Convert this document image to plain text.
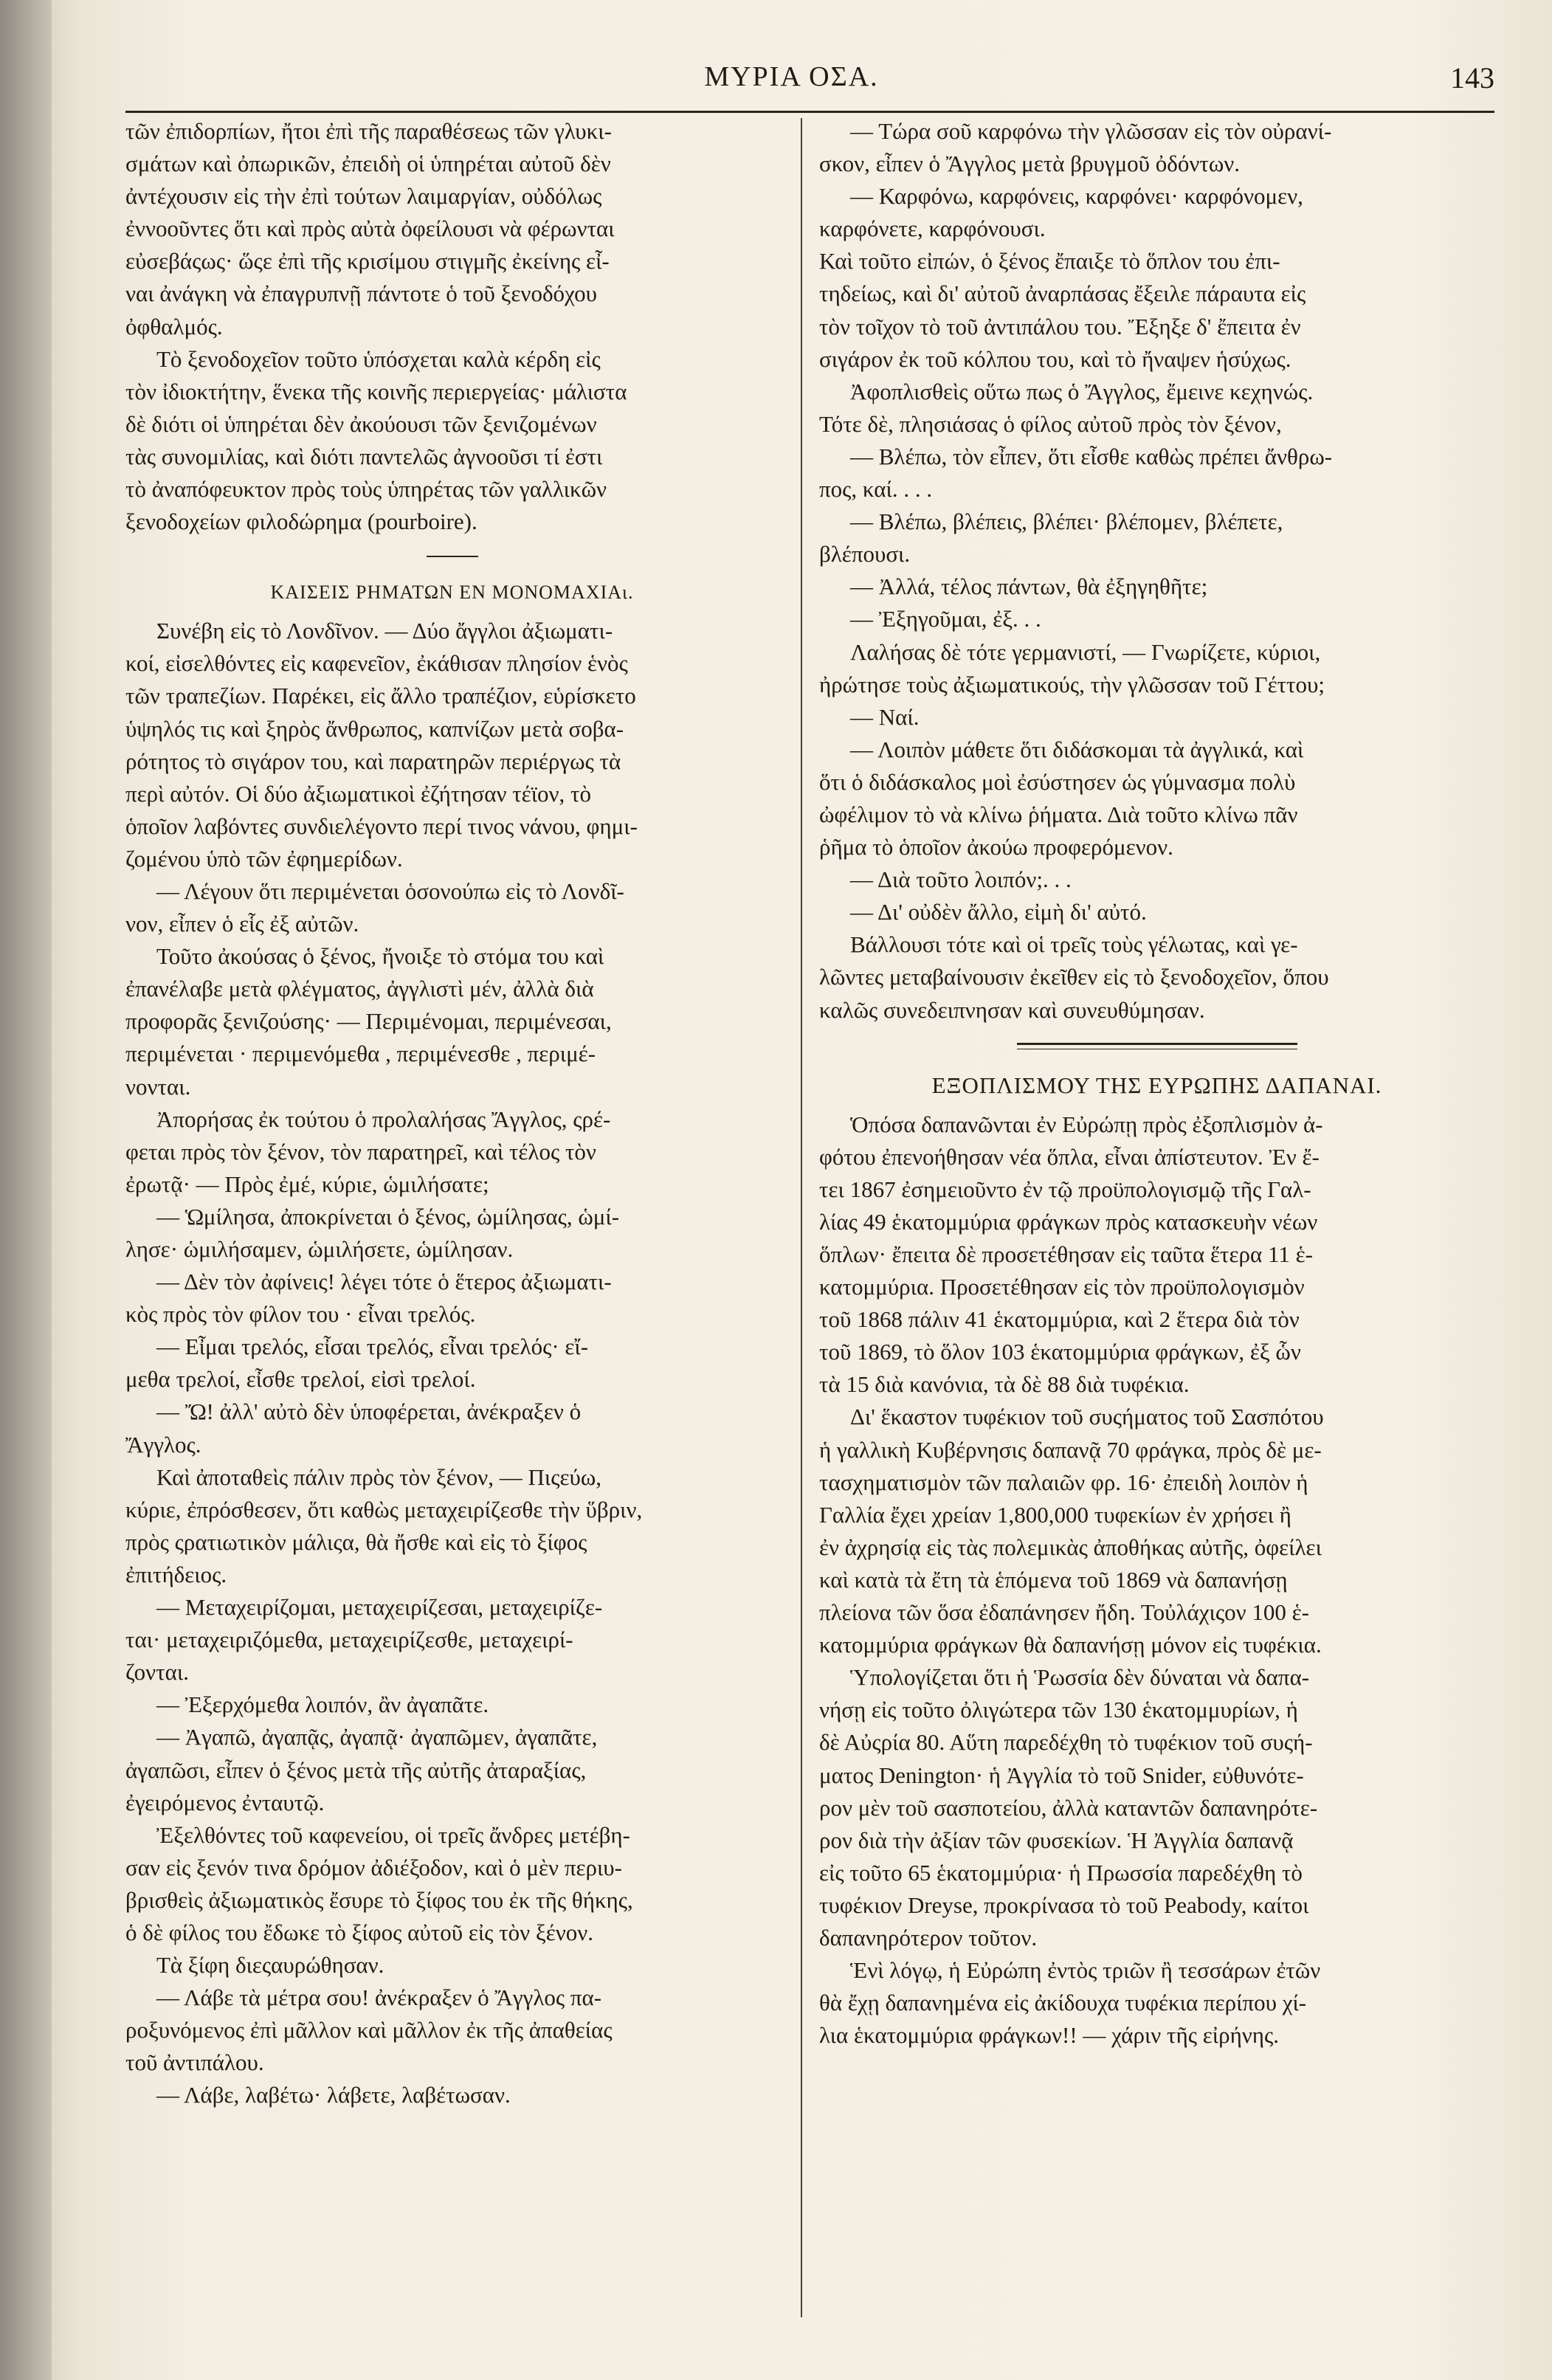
ΜΥΡΙΑ ΟΣΑ.	143
τῶν ἐπιδορπίων, ἤτοι ἐπὶ τῆς παραθέσεως τῶν γλυκι-
σμάτων καὶ ὀπωρικῶν, ἐπειδὴ οἱ ὑπηρέται αὐτοῦ δὲν
ἀντέχουσιν εἰς τὴν ἐπὶ τούτων λαιμαργίαν, οὐδόλως
ἐννοοῦντες ὅτι καὶ πρὸς αὐτὰ ὀφείλουσι νὰ φέρωνται
εὐσεβάςως· ὥςε ἐπὶ τῆς κρισίμου στιγμῆς ἐκείνης εἶ-
ναι ἀνάγκη νὰ ἐπαγρυπνῇ πάντοτε ὁ τοῦ ξενοδόχου
ὀφθαλμός.
Τὸ ξενοδοχεῖον τοῦτο ὑπόσχεται καλὰ κέρδη εἰς
τὸν ἰδιοκτήτην, ἕνεκα τῆς κοινῆς περιεργείας· μάλιστα
δὲ διότι οἱ ὑπηρέται δὲν ἀκούουσι τῶν ξενιζομένων
τὰς συνομιλίας, καὶ διότι παντελῶς ἀγνοοῦσι τί ἐστι
τὸ ἀναπόφευκτον πρὸς τοὺς ὑπηρέτας τῶν γαλλικῶν
ξενοδοχείων φιλοδώρημα (pourboire).
ΚΑΙΣΕΙΣ ΡΗΜΑΤΩΝ ΕΝ ΜΟΝΟΜΑΧΙΑι.
Συνέβη εἰς τὸ Λονδῖνον. — Δύο ἄγγλοι ἀξιωματι-
κοί, εἰσελθόντες εἰς καφενεῖον, ἐκάθισαν πλησίον ἑνὸς
τῶν τραπεζίων. Παρέκει, εἰς ἄλλο τραπέζιον, εὑρίσκετο
ὑψηλός τις καὶ ξηρὸς ἄνθρωπος, καπνίζων μετὰ σοβα-
ρότητος τὸ σιγάρον του, καὶ παρατηρῶν περιέργως τὰ
περὶ αὐτόν. Οἱ δύο ἀξιωματικοὶ ἐζήτησαν τέϊον, τὸ
ὁποῖον λαβόντες συνδιελέγοντο περί τινος νάνου, φημι-
ζομένου ὑπὸ τῶν ἐφημερίδων.
— Λέγουν ὅτι περιμένεται ὁσονούπω εἰς τὸ Λονδῖ-
νον, εἶπεν ὁ εἷς ἐξ αὐτῶν.
Τοῦτο ἀκούσας ὁ ξένος, ἤνοιξε τὸ στόμα του καὶ
ἐπανέλαβε μετὰ φλέγματος, ἀγγλιστὶ μέν, ἀλλὰ διὰ
προφορᾶς ξενιζούσης· — Περιμένομαι, περιμένεσαι,
περιμένεται · περιμενόμεθα , περιμένεσθε , περιμέ-
νονται.
Ἀπορήσας ἐκ τούτου ὁ προλαλήσας Ἄγγλος, ςρέ-
φεται πρὸς τὸν ξένον, τὸν παρατηρεῖ, καὶ τέλος τὸν
ἐρωτᾷ· — Πρὸς ἐμέ, κύριε, ὡμιλήσατε;
— Ὡμίλησα, ἀποκρίνεται ὁ ξένος, ὡμίλησας, ὡμί-
λησε· ὡμιλήσαμεν, ὡμιλήσετε, ὡμίλησαν.
— Δὲν τὸν ἀφίνεις! λέγει τότε ὁ ἕτερος ἀξιωματι-
κὸς πρὸς τὸν φίλον του · εἶναι τρελός.
— Εἶμαι τρελός, εἶσαι τρελός, εἶναι τρελός· εἴ-
μεθα τρελοί, εἶσθε τρελοί, εἰσὶ τρελοί.
— Ὤ! ἀλλ' αὐτὸ δὲν ὑποφέρεται, ἀνέκραξεν ὁ
Ἄγγλος.
Καὶ ἀποταθεὶς πάλιν πρὸς τὸν ξένον, — Πιςεύω,
κύριε, ἐπρόσθεσεν, ὅτι καθὼς μεταχειρίζεσθε τὴν ὕβριν,
πρὸς ςρατιωτικὸν μάλιςα, θὰ ἤσθε καὶ εἰς τὸ ξίφος
ἐπιτήδειος.
— Μεταχειρίζομαι, μεταχειρίζεσαι, μεταχειρίζε-
ται· μεταχειριζόμεθα, μεταχειρίζεσθε, μεταχειρί-
ζονται.
— Ἐξερχόμεθα λοιπόν, ἂν ἀγαπᾶτε.
— Ἀγαπῶ, ἀγαπᾷς, ἀγαπᾷ· ἀγαπῶμεν, ἀγαπᾶτε,
ἀγαπῶσι, εἶπεν ὁ ξένος μετὰ τῆς αὐτῆς ἀταραξίας,
ἐγειρόμενος ἐνταυτῷ.
Ἐξελθόντες τοῦ καφενείου, οἱ τρεῖς ἄνδρες μετέβη-
σαν εἰς ξενόν τινα δρόμον ἀδιέξοδον, καὶ ὁ μὲν περιυ-
βρισθεὶς ἀξιωματικὸς ἔσυρε τὸ ξίφος του ἐκ τῆς θήκης,
ὁ δὲ φίλος του ἔδωκε τὸ ξίφος αὐτοῦ εἰς τὸν ξένον.
Τὰ ξίφη διεςαυρώθησαν.
— Λάβε τὰ μέτρα σου! ἀνέκραξεν ὁ Ἄγγλος πα-
ροξυνόμενος ἐπὶ μᾶλλον καὶ μᾶλλον ἐκ τῆς ἀπαθείας
τοῦ ἀντιπάλου.
— Λάβε, λαβέτω· λάβετε, λαβέτωσαν.
— Τώρα σοῦ καρφόνω τὴν γλῶσσαν εἰς τὸν οὐρανί-
σκον, εἶπεν ὁ Ἄγγλος μετὰ βρυγμοῦ ὀδόντων.
— Καρφόνω, καρφόνεις, καρφόνει· καρφόνομεν,
καρφόνετε, καρφόνουσι.
Καὶ τοῦτο εἰπών, ὁ ξένος ἔπαιξε τὸ ὅπλον του ἐπι-
τηδείως, καὶ δι' αὐτοῦ ἀναρπάσας ἔξειλε πάραυτα εἰς
τὸν τοῖχον τὸ τοῦ ἀντιπάλου του. Ἔξηξε δ' ἔπειτα ἐν
σιγάρον ἐκ τοῦ κόλπου του, καὶ τὸ ἤναψεν ἡσύχως.
Ἀφοπλισθεὶς οὕτω πως ὁ Ἄγγλος, ἔμεινε κεχηνώς.
Τότε δὲ, πλησιάσας ὁ φίλος αὐτοῦ πρὸς τὸν ξένον,
— Βλέπω, τὸν εἶπεν, ὅτι εἶσθε καθὼς πρέπει ἄνθρω-
πος, καί. . . .
— Βλέπω, βλέπεις, βλέπει· βλέπομεν, βλέπετε,
βλέπουσι.
— Ἀλλά, τέλος πάντων, θὰ ἐξηγηθῆτε;
— Ἐξηγοῦμαι, ἐξ. . .
Λαλήσας δὲ τότε γερμανιστί, — Γνωρίζετε, κύριοι,
ἠρώτησε τοὺς ἀξιωματικούς, τὴν γλῶσσαν τοῦ Γέττου;
— Ναί.
— Λοιπὸν μάθετε ὅτι διδάσκομαι τὰ ἀγγλικά, καὶ
ὅτι ὁ διδάσκαλος μοὶ ἐσύστησεν ὡς γύμνασμα πολὺ
ὠφέλιμον τὸ νὰ κλίνω ῥήματα. Διὰ τοῦτο κλίνω πᾶν
ῥῆμα τὸ ὁποῖον ἀκούω προφερόμενον.
— Διὰ τοῦτο λοιπόν;. . .
— Δι' οὐδὲν ἄλλο, εἰμὴ δι' αὐτό.
Βάλλουσι τότε καὶ οἱ τρεῖς τοὺς γέλωτας, καὶ γε-
λῶντες μεταβαίνουσιν ἐκεῖθεν εἰς τὸ ξενοδοχεῖον, ὅπου
καλῶς συνεδειπνησαν καὶ συνευθύμησαν.
ΕΞΟΠΛΙΣΜΟΥ ΤΗΣ ΕΥΡΩΠΗΣ ΔΑΠΑΝΑΙ.
Ὁπόσα δαπανῶνται ἐν Εὐρώπῃ πρὸς ἐξοπλισμὸν ἀ-
φότου ἐπενοήθησαν νέα ὅπλα, εἶναι ἀπίστευτον. Ἐν ἔ-
τει 1867 ἐσημειοῦντο ἐν τῷ προϋπολογισμῷ τῆς Γαλ-
λίας 49 ἑκατομμύρια φράγκων πρὸς κατασκευὴν νέων
ὅπλων· ἔπειτα δὲ προσετέθησαν εἰς ταῦτα ἕτερα 11 ἑ-
κατομμύρια. Προσετέθησαν εἰς τὸν προϋπολογισμὸν
τοῦ 1868 πάλιν 41 ἑκατομμύρια, καὶ 2 ἕτερα διὰ τὸν
τοῦ 1869, τὸ ὅλον 103 ἑκατομμύρια φράγκων, ἐξ ὧν
τὰ 15 διὰ κανόνια, τὰ δὲ 88 διὰ τυφέκια.
Δι' ἕκαστον τυφέκιον τοῦ συςήματος τοῦ Σασπότου
ἡ γαλλικὴ Κυβέρνησις δαπανᾷ 70 φράγκα, πρὸς δὲ με-
τασχηματισμὸν τῶν παλαιῶν φρ. 16· ἐπειδὴ λοιπὸν ἡ
Γαλλία ἔχει χρείαν 1,800,000 τυφεκίων ἐν χρήσει ἢ
ἐν ἀχρησίᾳ εἰς τὰς πολεμικὰς ἀποθήκας αὐτῆς, ὀφείλει
καὶ κατὰ τὰ ἔτη τὰ ἑπόμενα τοῦ 1869 νὰ δαπανήσῃ
πλείονα τῶν ὅσα ἐδαπάνησεν ἤδη. Τοὐλάχιςον 100 ἑ-
κατομμύρια φράγκων θὰ δαπανήσῃ μόνον εἰς τυφέκια.
Ὑπολογίζεται ὅτι ἡ Ῥωσσία δὲν δύναται νὰ δαπα-
νήσῃ εἰς τοῦτο ὀλιγώτερα τῶν 130 ἑκατομμυρίων, ἡ
δὲ Αὐςρία 80. Αὕτη παρεδέχθη τὸ τυφέκιον τοῦ συςή-
ματος Denington· ἡ Ἀγγλία τὸ τοῦ Snider, εὐθυνότε-
ρον μὲν τοῦ σασποτείου, ἀλλὰ καταντῶν δαπανηρότε-
ρον διὰ τὴν ἀξίαν τῶν φυσεκίων. Ἡ Ἀγγλία δαπανᾷ
εἰς τοῦτο 65 ἑκατομμύρια· ἡ Πρωσσία παρεδέχθη τὸ
τυφέκιον Dreyse, προκρίνασα τὸ τοῦ Peabody, καίτοι
δαπανηρότερον τοῦτον.
Ἑνὶ λόγῳ, ἡ Εὐρώπη ἐντὸς τριῶν ἢ τεσσάρων ἐτῶν
θὰ ἔχῃ δαπανημένα εἰς ἀκίδουχα τυφέκια περίπου χί-
λια ἑκατομμύρια φράγκων!! — χάριν τῆς εἰρήνης.
